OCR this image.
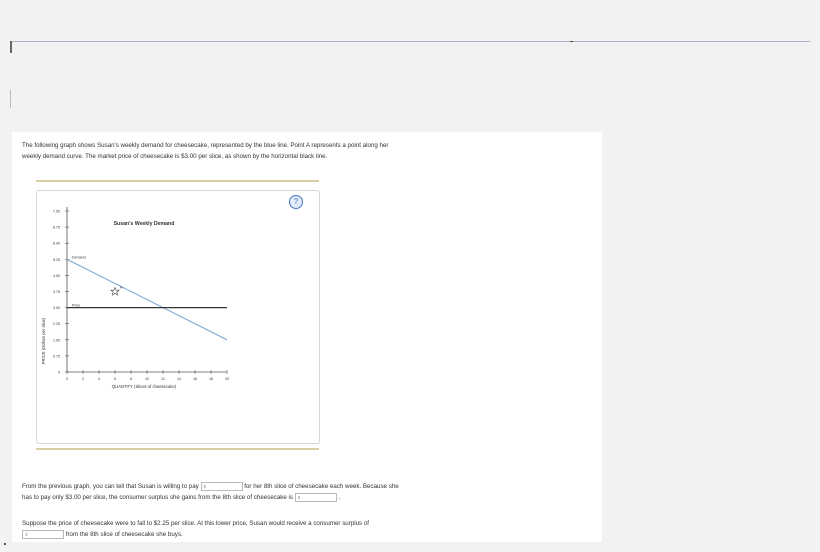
The following graph shows Susan's weekly demand for cheesecake, represented by the blue line. Point A represents a point along her
weekly demand curve. The market price of cheesecake is $3.00 per slice, as shown by the horizontal black line.
Susan's Weekly Demand
0
0.75
1.50
2.25
3.00
3.75
4.50
5.25
6.00
6.75
7.50
0	2	4	6	8	10	12	14	16	18	20
QUANTITY (Slices of cheesecake)
PRICE (Dollars per slice)
Demand
Price
A
?
From the previous graph, you can tell that Susan is willing to pay $	for her 8th slice of cheesecake each week. Because she
has to pay only $3.00 per slice, the consumer surplus she gains from the 8th slice of cheesecake is $	.
Suppose the price of cheesecake were to fall to $2.25 per slice. At this lower price, Susan would receive a consumer surplus of
$	from the 8th slice of cheesecake she buys.
